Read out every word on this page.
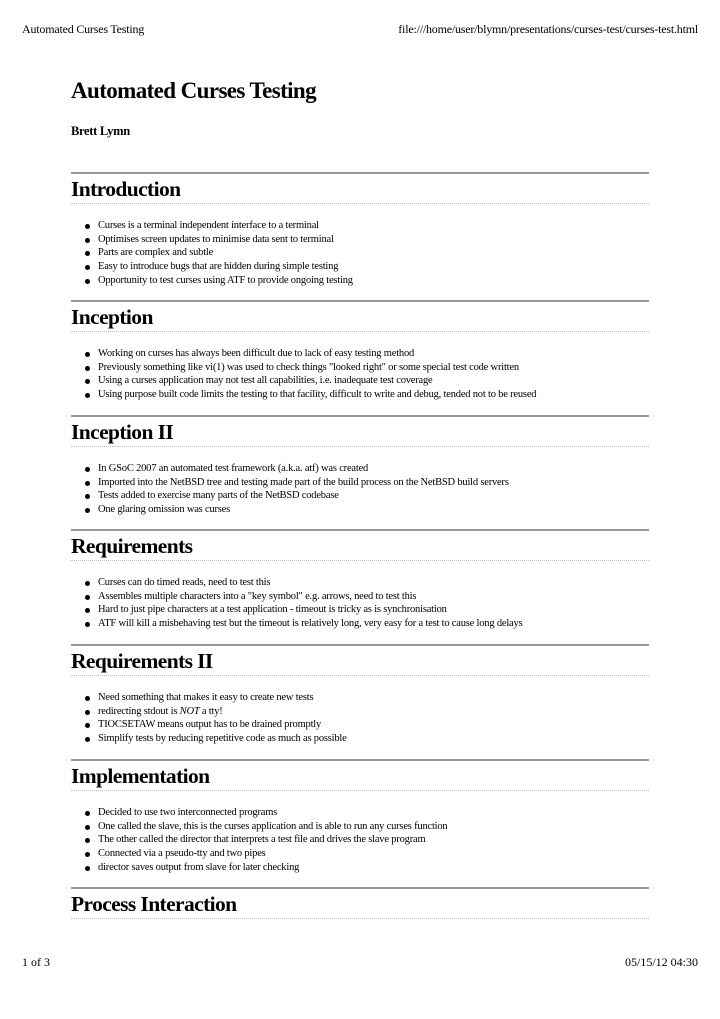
Automated Curses Testing	file:///home/user/blymn/presentations/curses-test/curses-test.html
Automated Curses Testing
Brett Lymn
Introduction
Curses is a terminal independent interface to a terminal
Optimises screen updates to minimise data sent to terminal
Parts are complex and subtle
Easy to introduce bugs that are hidden during simple testing
Opportunity to test curses using ATF to provide ongoing testing
Inception
Working on curses has always been difficult due to lack of easy testing method
Previously something like vi(1) was used to check things "looked right" or some special test code written
Using a curses application may not test all capabilities, i.e. inadequate test coverage
Using purpose built code limits the testing to that facility, difficult to write and debug, tended not to be reused
Inception II
In GSoC 2007 an automated test framework (a.k.a. atf) was created
Imported into the NetBSD tree and testing made part of the build process on the NetBSD build servers
Tests added to exercise many parts of the NetBSD codebase
One glaring omission was curses
Requirements
Curses can do timed reads, need to test this
Assembles multiple characters into a "key symbol" e.g. arrows, need to test this
Hard to just pipe characters at a test application - timeout is tricky as is synchronisation
ATF will kill a misbehaving test but the timeout is relatively long, very easy for a test to cause long delays
Requirements II
Need something that makes it easy to create new tests
redirecting stdout is NOT a tty!
TIOCSETAW means output has to be drained promptly
Simplify tests by reducing repetitive code as much as possible
Implementation
Decided to use two interconnected programs
One called the slave, this is the curses application and is able to run any curses function
The other called the director that interprets a test file and drives the slave program
Connected via a pseudo-tty and two pipes
director saves output from slave for later checking
Process Interaction
1 of 3	05/15/12 04:30
